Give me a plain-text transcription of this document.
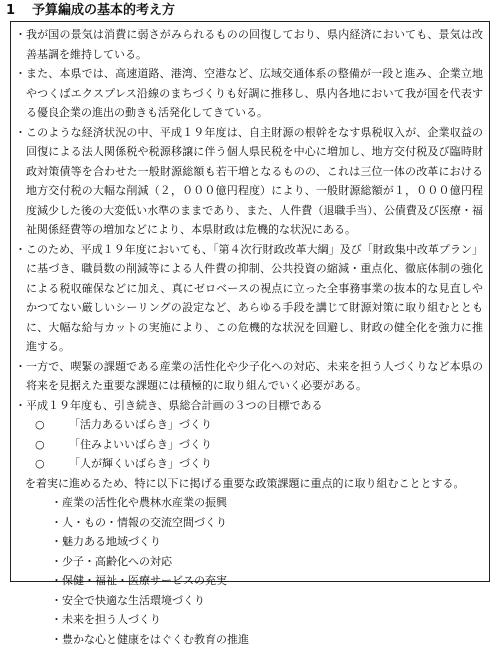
1 予算編成の基本的考え方
・ 我が国の景気は消費に弱さがみられるものの回復しており、県内経済においても、景気は改善基調を維持している。
・ また、本県では、高速道路、港湾、空港など、広域交通体系の整備が一段と進み、企業立地やつくばエクスプレス沿線のまちづくりも好調に推移し、県内各地において我が国を代表する優良企業の進出の動きも活発化してきている。
・ このような経済状況の中、平成１９年度は、自主財源の根幹をなす県税収入が、企業収益の回復による法人関係税や税源移譲に伴う個人県民税を中心に増加し、地方交付税及び臨時財政対策債等を合わせた一般財源総額も若干増となるものの、これは三位一体の改革における地方交付税の大幅な削減（２，０００億円程度）により、一般財源総額が１，０００億円程度減少した後の大変低い水準のままであり、また、人件費（退職手当）、公債費及び医療・福祉関係経費等の増加などにより、本県財政は危機的な状況にある。
・ このため、平成１９年度においても、「第４次行財政改革大綱」及び「財政集中改革プラン」に基づき、職員数の削減等による人件費の抑制、公共投資の縮減・重点化、徹底体制の強化による税収確保などに加え、真にゼロベースの視点に立った全事務事業の抜本的な見直しやかつてない厳しいシーリングの設定など、あらゆる手段を講じて財源対策に取り組むとともに、大幅な給与カットの実施により、この危機的な状況を回避し、財政の健全化を強力に推進する。
・ 一方で、喫緊の課題である産業の活性化や少子化への対応、未来を担う人づくりなど本県の将来を見据えた重要な課題には積極的に取り組んでいく必要がある。
・ 平成１９年度も、引き続き、県総合計画の３つの目標である
○ 「活力あるいばらき」づくり
○ 「住みよいいばらき」づくり
○ 「人が輝くいばらき」づくり
を着実に進めるため、特に以下に掲げる重要な政策課題に重点的に取り組むこととする。
・産業の活性化や農林水産業の振興
・人・もの・情報の交流空間づくり
・魅力ある地域づくり
・少子・高齢化への対応
・保健・福祉・医療サービスの充実
・安全で快適な生活環境づくり
・未来を担う人づくり
・豊かな心と健康をはぐくむ教育の推進
